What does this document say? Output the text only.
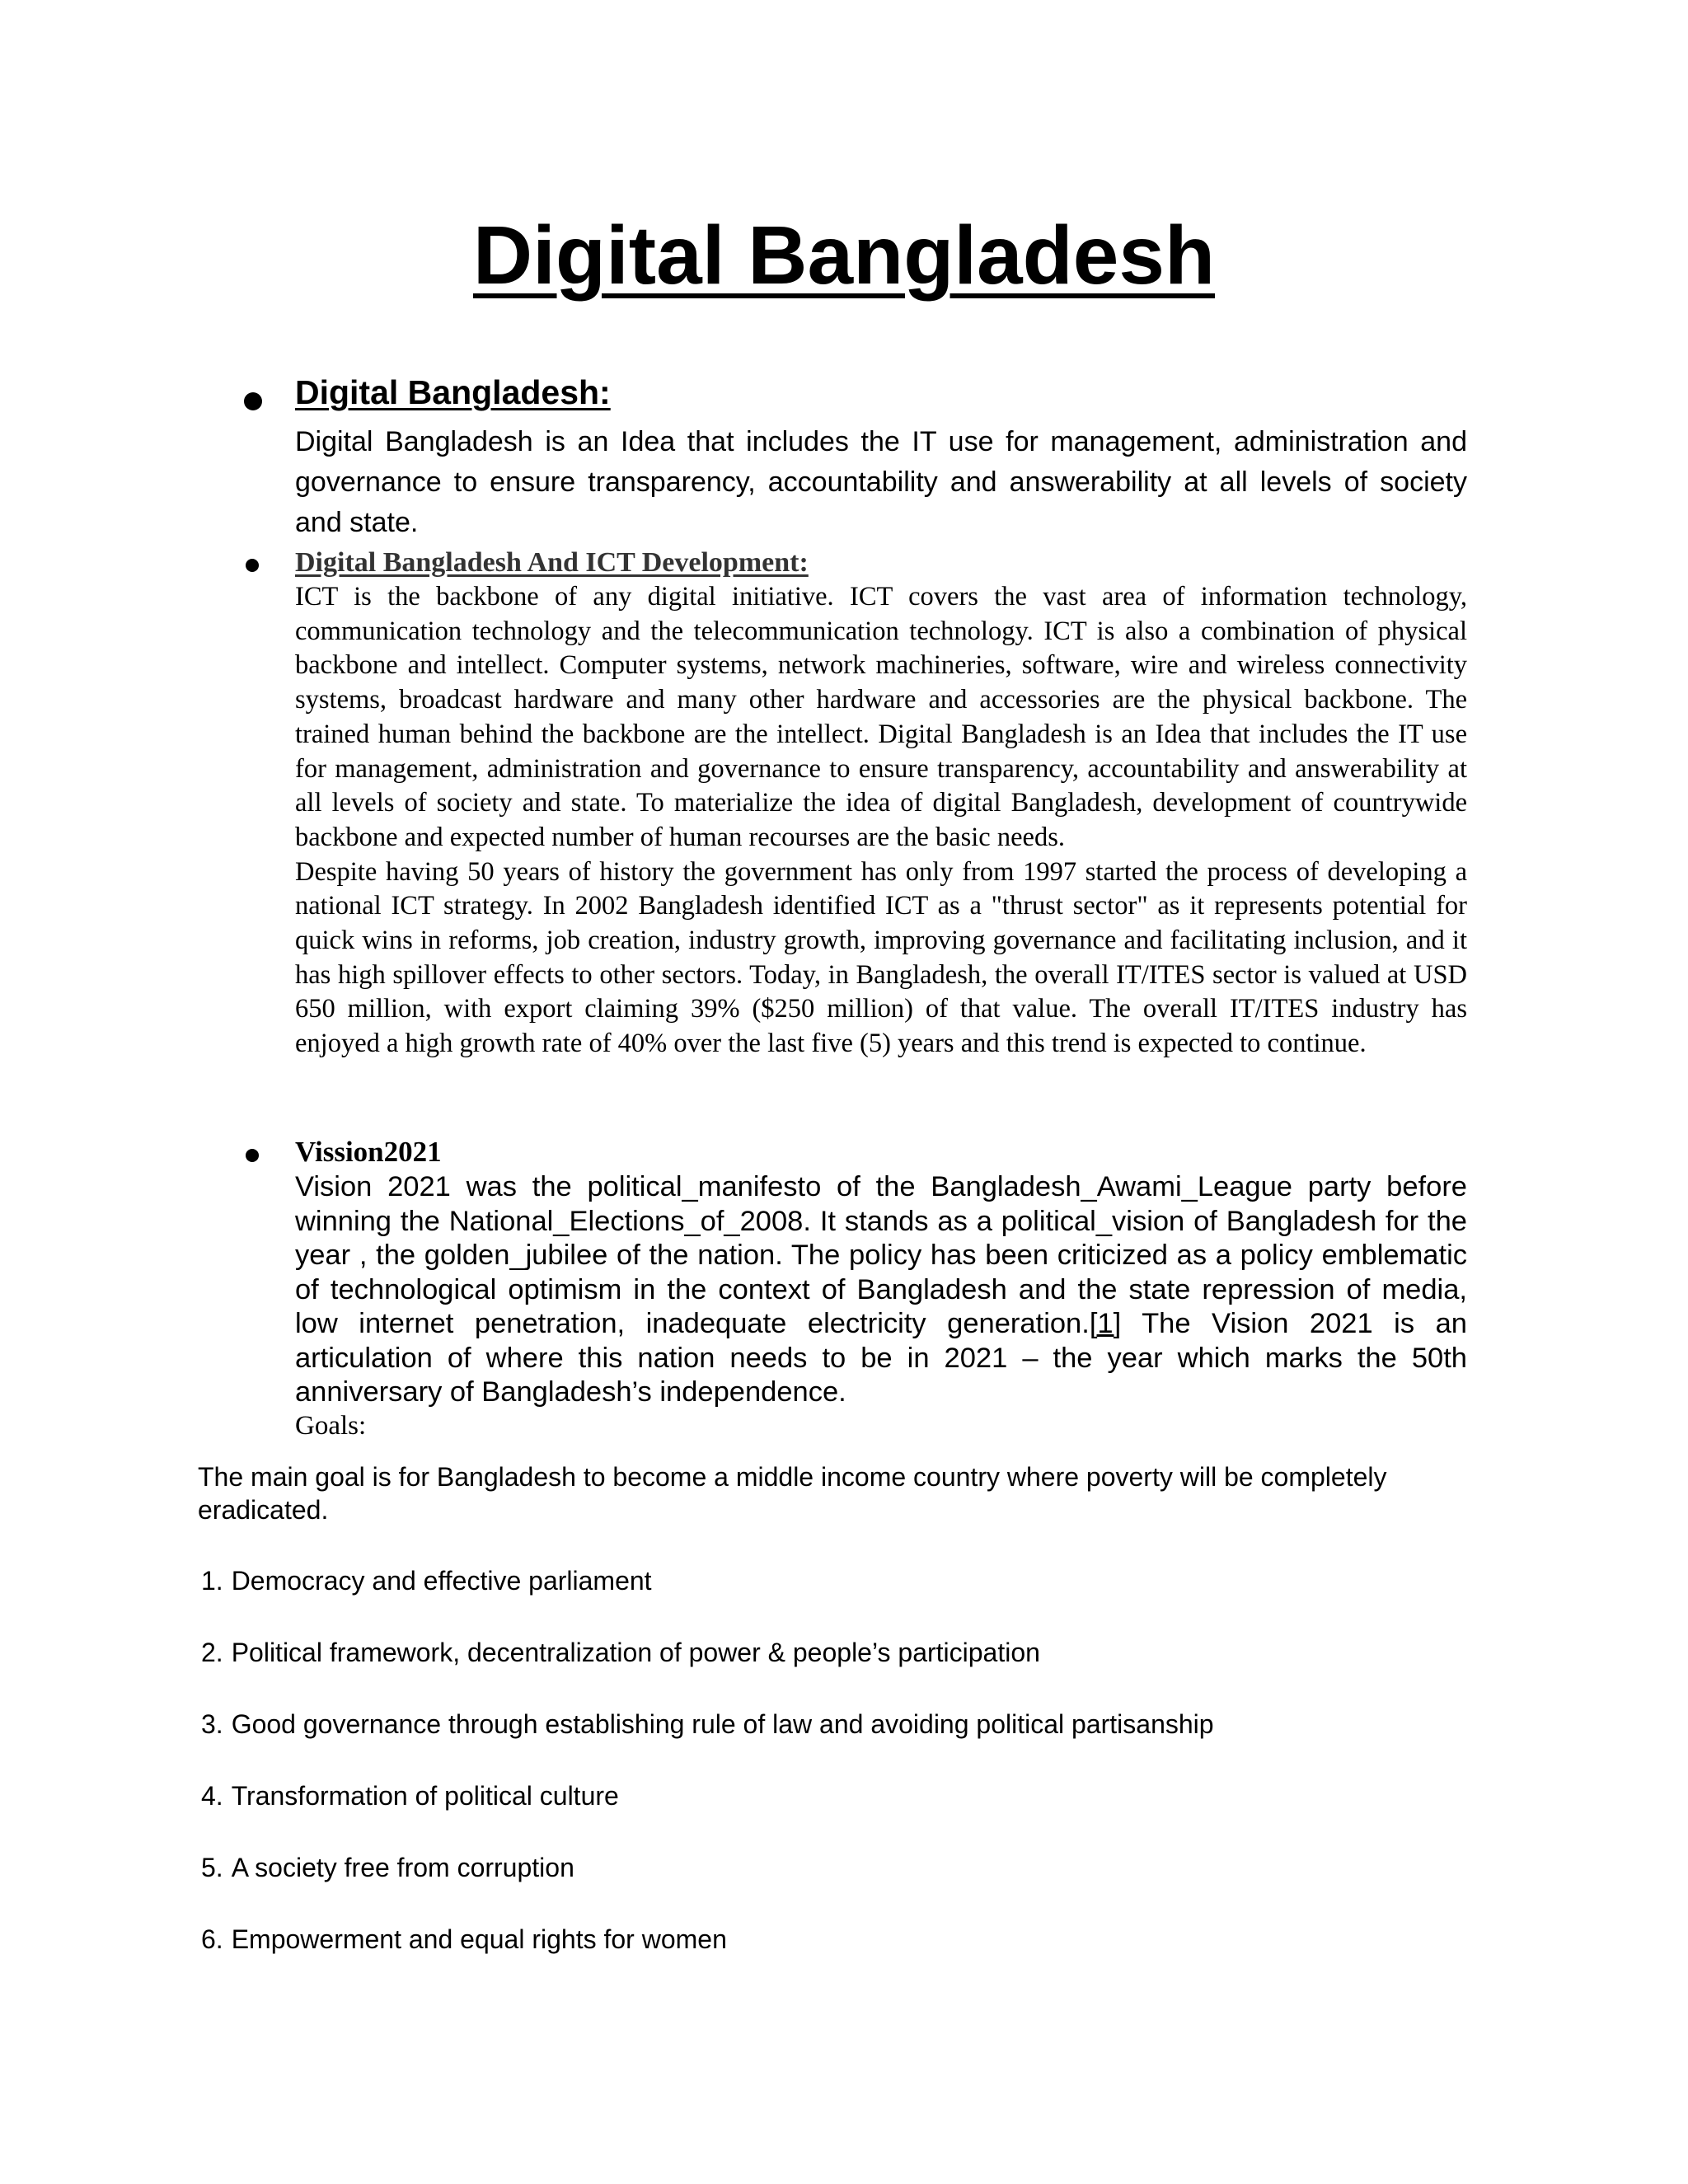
Digital Bangladesh
Digital Bangladesh:

Digital Bangladesh is an Idea that includes the IT use for management, administration and governance to ensure transparency, accountability and answerability at all levels of society and state.

Digital Bangladesh And ICT Development:

ICT is the backbone of any digital initiative. ICT covers the vast area of information technology, communication technology and the telecommunication technology. ICT is also a combination of physical backbone and intellect. Computer systems, network machineries, software, wire and wireless connectivity systems, broadcast hardware and many other hardware and accessories are the physical backbone. The trained human behind the backbone are the intellect. Digital Bangladesh is an Idea that includes the IT use for management, administration and governance to ensure transparency, accountability and answerability at all levels of society and state. To materialize the idea of digital Bangladesh, development of countrywide backbone and expected number of human recourses are the basic needs.

Despite having 50 years of history the government has only from 1997 started the process of developing a national ICT strategy. In 2002 Bangladesh identified ICT as a "thrust sector" as it represents potential for quick wins in reforms, job creation, industry growth, improving governance and facilitating inclusion, and it has high spillover effects to other sectors. Today, in Bangladesh, the overall IT/ITES sector is valued at USD 650 million, with export claiming 39% ($250 million) of that value. The overall IT/ITES industry has enjoyed a high growth rate of 40% over the last five (5) years and this trend is expected to continue.

Vission2021

Vision 2021 was the political_manifesto of the Bangladesh_Awami_League party before winning the National_Elections_of_2008. It stands as a political_vision of Bangladesh for the year , the golden_jubilee of the nation. The policy has been criticized as a policy emblematic of technological optimism in the context of Bangladesh and the state repression of media, low internet penetration, inadequate electricity generation.[1] The Vision 2021 is an articulation of where this nation needs to be in 2021 – the year which marks the 50th anniversary of Bangladesh’s independence.

Goals:

The main goal is for Bangladesh to become a middle income country where poverty will be completely eradicated.

1. Democracy and effective parliament
2. Political framework, decentralization of power & people’s participation
3. Good governance through establishing rule of law and avoiding political partisanship
4. Transformation of political culture
5. A society free from corruption
6. Empowerment and equal rights for women
